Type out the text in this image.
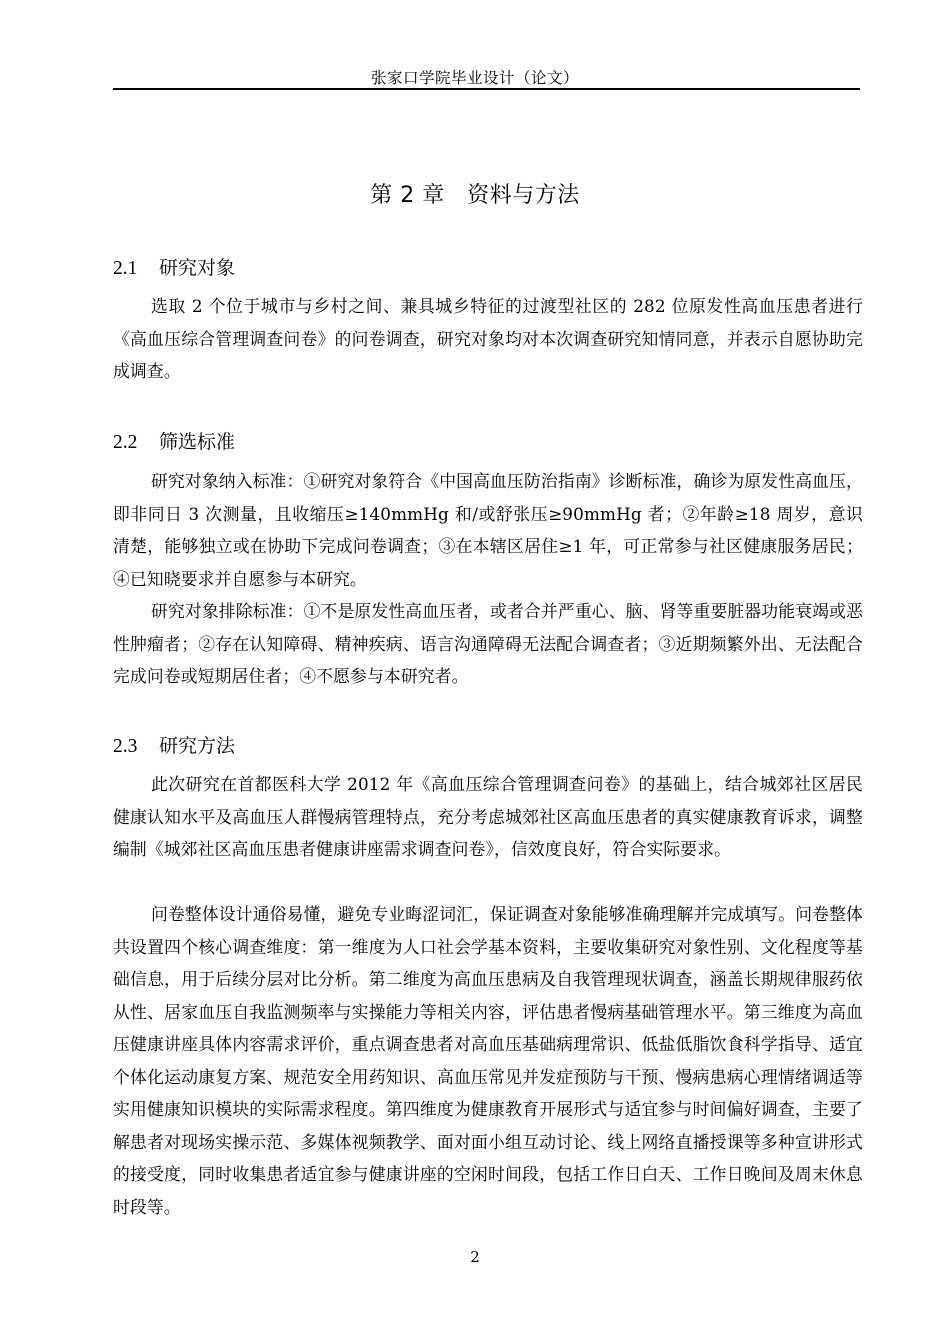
张家口学院毕业设计（论文）
第 2 章　资料与方法
2.1 研究对象

选取 2 个位于城市与乡村之间、兼具城乡特征的过渡型社区的 282 位原发性高血压患者进行《高血压综合管理调查问卷》的问卷调查，研究对象均对本次调查研究知情同意，并表示自愿协助完成调查。

2.2 筛选标准

研究对象纳入标准：①研究对象符合《中国高血压防治指南》诊断标准，确诊为原发性高血压，即非同日 3 次测量，且收缩压≥140mmHg 和/或舒张压≥90mmHg 者；②年龄≥18 周岁，意识清楚，能够独立或在协助下完成问卷调查；③在本辖区居住≥1 年，可正常参与社区健康服务居民；④已知晓要求并自愿参与本研究。

研究对象排除标准：①不是原发性高血压者，或者合并严重心、脑、肾等重要脏器功能衰竭或恶性肿瘤者；②存在认知障碍、精神疾病、语言沟通障碍无法配合调查者；③近期频繁外出、无法配合完成问卷或短期居住者；④不愿参与本研究者。

2.3 研究方法

此次研究在首都医科大学 2012 年《高血压综合管理调查问卷》的基础上，结合城郊社区居民健康认知水平及高血压人群慢病管理特点，充分考虑城郊社区高血压患者的真实健康教育诉求，调整编制《城郊社区高血压患者健康讲座需求调查问卷》，信效度良好，符合实际要求。

问卷整体设计通俗易懂，避免专业晦涩词汇，保证调查对象能够准确理解并完成填写。问卷整体共设置四个核心调查维度：第一维度为人口社会学基本资料，主要收集研究对象性别、文化程度等基础信息，用于后续分层对比分析。第二维度为高血压患病及自我管理现状调查，涵盖长期规律服药依从性、居家血压自我监测频率与实操能力等相关内容，评估患者慢病基础管理水平。第三维度为高血压健康讲座具体内容需求评价，重点调查患者对高血压基础病理常识、低盐低脂饮食科学指导、适宜个体化运动康复方案、规范安全用药知识、高血压常见并发症预防与干预、慢病患病心理情绪调适等实用健康知识模块的实际需求程度。第四维度为健康教育开展形式与适宜参与时间偏好调查，主要了解患者对现场实操示范、多媒体视频教学、面对面小组互动讨论、线上网络直播授课等多种宣讲形式的接受度，同时收集患者适宜参与健康讲座的空闲时间段，包括工作日白天、工作日晚间及周末休息时段等。

2
